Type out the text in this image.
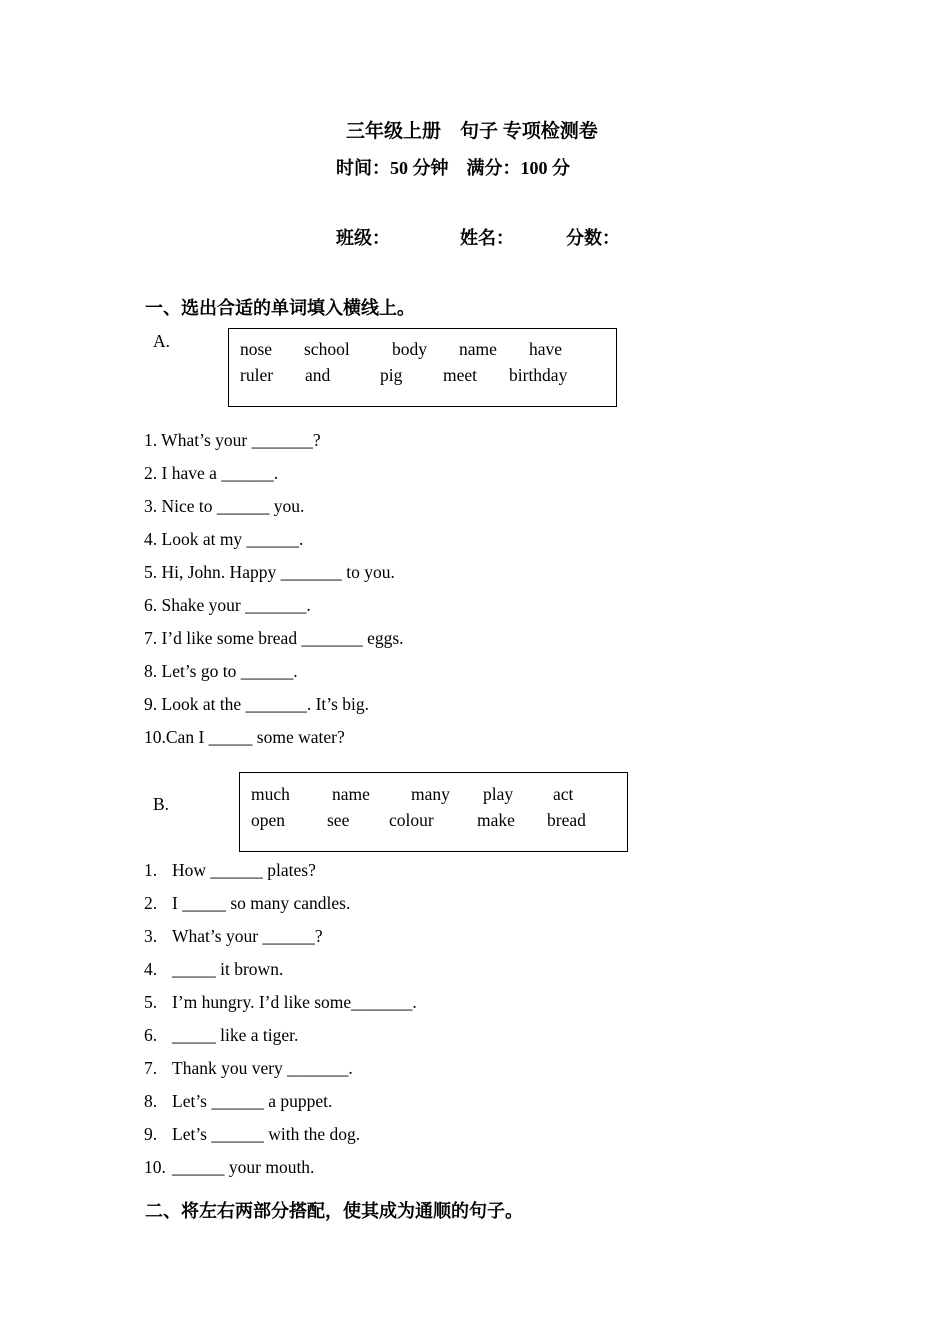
三年级上册　句子 专项检测卷
时间：50 分钟　满分：100 分
班级：	姓名：	分数：
一、选出合适的单词填入横线上。
A.	nose school body name have
ruler and	pig meet birthday
1. What’s your _______?
2. I have a ______.
3. Nice to ______ you.
4. Look at my ______.
5. Hi, John. Happy _______ to you.
6. Shake your _______.
7. I’d like some bread _______ eggs.
8. Let’s go to ______.
9. Look at the _______. It’s big.
10.Can I _____ some water?
B.	much name many play act
open see colour make bread
1. How ______ plates?
2. I _____ so many candles.
3. What’s your ______?
4. _____ it brown.
5. I’m hungry. I’d like some_______.
6. _____ like a tiger.
7. Thank you very _______.
8. Let’s ______ a puppet.
9. Let’s ______ with the dog.
10. ______ your mouth.
二、将左右两部分搭配，使其成为通顺的句子。
